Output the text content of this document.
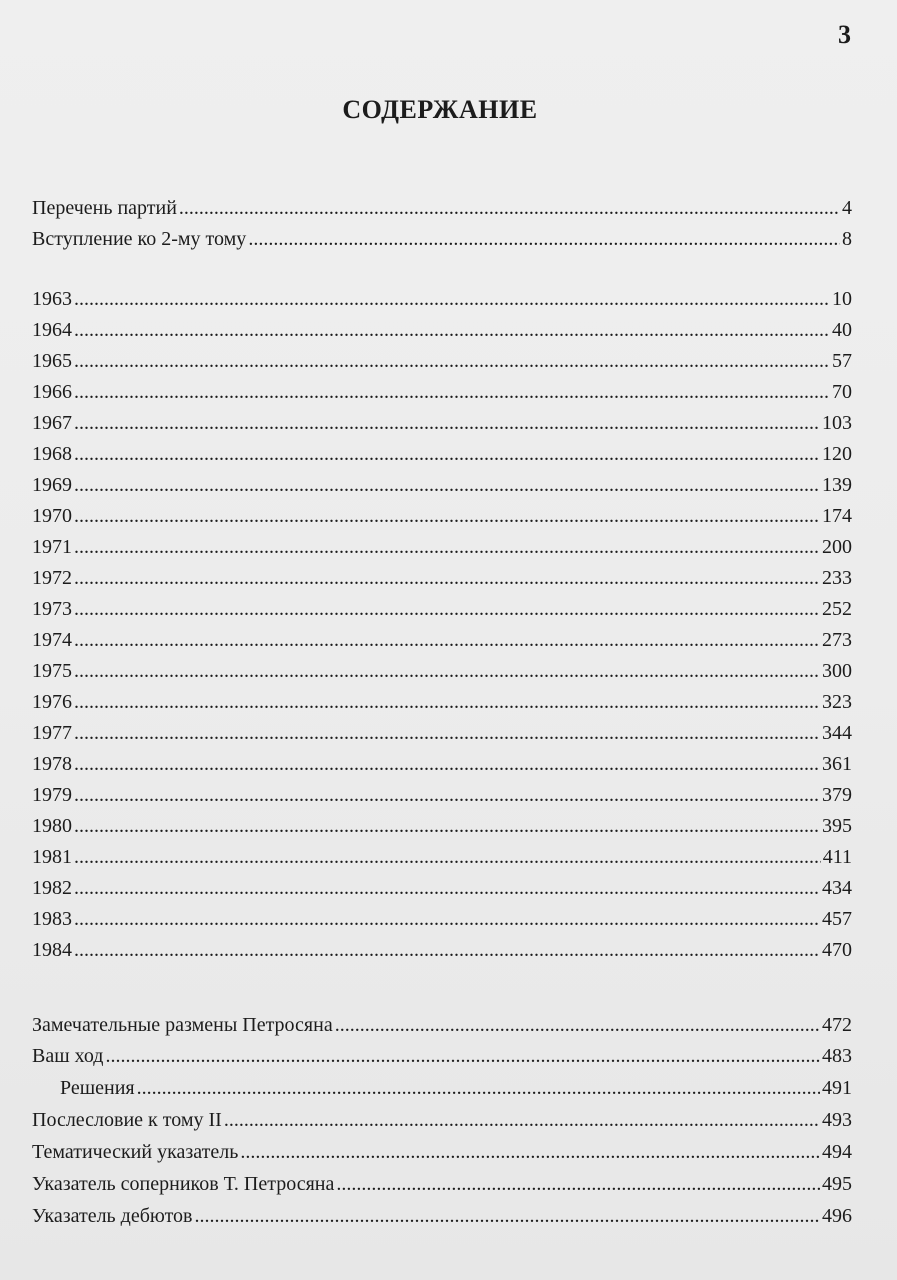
3
СОДЕРЖАНИЕ
Перечень партий .....	4
Вступление ко 2-му тому .....	8
1963 .....	10
1964 .....	40
1965 .....	57
1966 .....	70
1967 .....	103
1968 .....	120
1969 .....	139
1970 .....	174
1971 .....	200
1972 .....	233
1973 .....	252
1974 .....	273
1975 .....	300
1976 .....	323
1977 .....	344
1978 .....	361
1979 .....	379
1980 .....	395
1981 .....	411
1982 .....	434
1983 .....	457
1984 .....	470
Замечательные размены Петросяна .....	472
Ваш ход .....	483
Решения .....	491
Послесловие к тому II .....	493
Тематический указатель .....	494
Указатель соперников Т. Петросяна .....	495
Указатель дебютов .....	496
